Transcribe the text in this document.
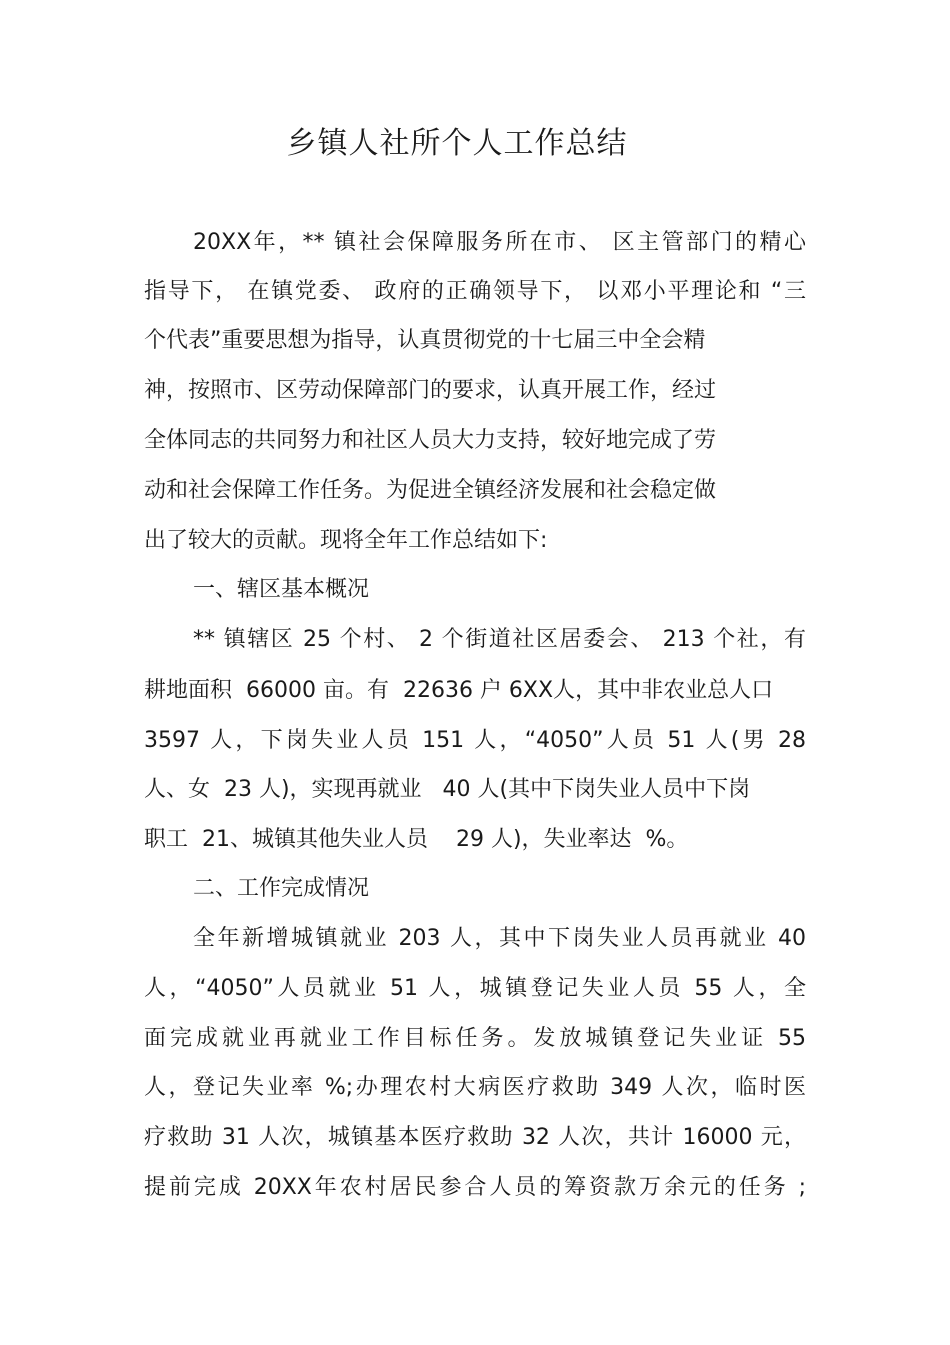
乡镇人社所个人工作总结
20XX年，** 镇社会保障服务所在市、 区主管部门的精心
指导下， 在镇党委、 政府的正确领导下， 以邓小平理论和 “三
个代表”重要思想为指导，认真贯彻党的十七届三中全会精
神，按照市、区劳动保障部门的要求，认真开展工作，经过
全体同志的共同努力和社区人员大力支持，较好地完成了劳
动和社会保障工作任务。为促进全镇经济发展和社会稳定做
出了较大的贡献。现将全年工作总结如下:
一、辖区基本概况
** 镇辖区 25 个村、 2 个街道社区居委会、 213 个社，有
耕地面积  66000 亩。有  22636 户 6XX人，其中非农业总人口
3597 人，下岗失业人员 151 人，“4050”人员 51 人(男 28
人、女  23 人)，实现再就业   40 人(其中下岗失业人员中下岗
职工  21、城镇其他失业人员    29 人)，失业率达  %。
二、工作完成情况
全年新增城镇就业 203 人，其中下岗失业人员再就业 40
人，“4050”人员就业 51 人，城镇登记失业人员 55 人，全
面完成就业再就业工作目标任务。发放城镇登记失业证 55
人，登记失业率 %;办理农村大病医疗救助 349 人次，临时医
疗救助 31 人次，城镇基本医疗救助 32 人次，共计 16000 元，
提前完成 20XX年农村居民参合人员的筹资款万余元的任务 ;
